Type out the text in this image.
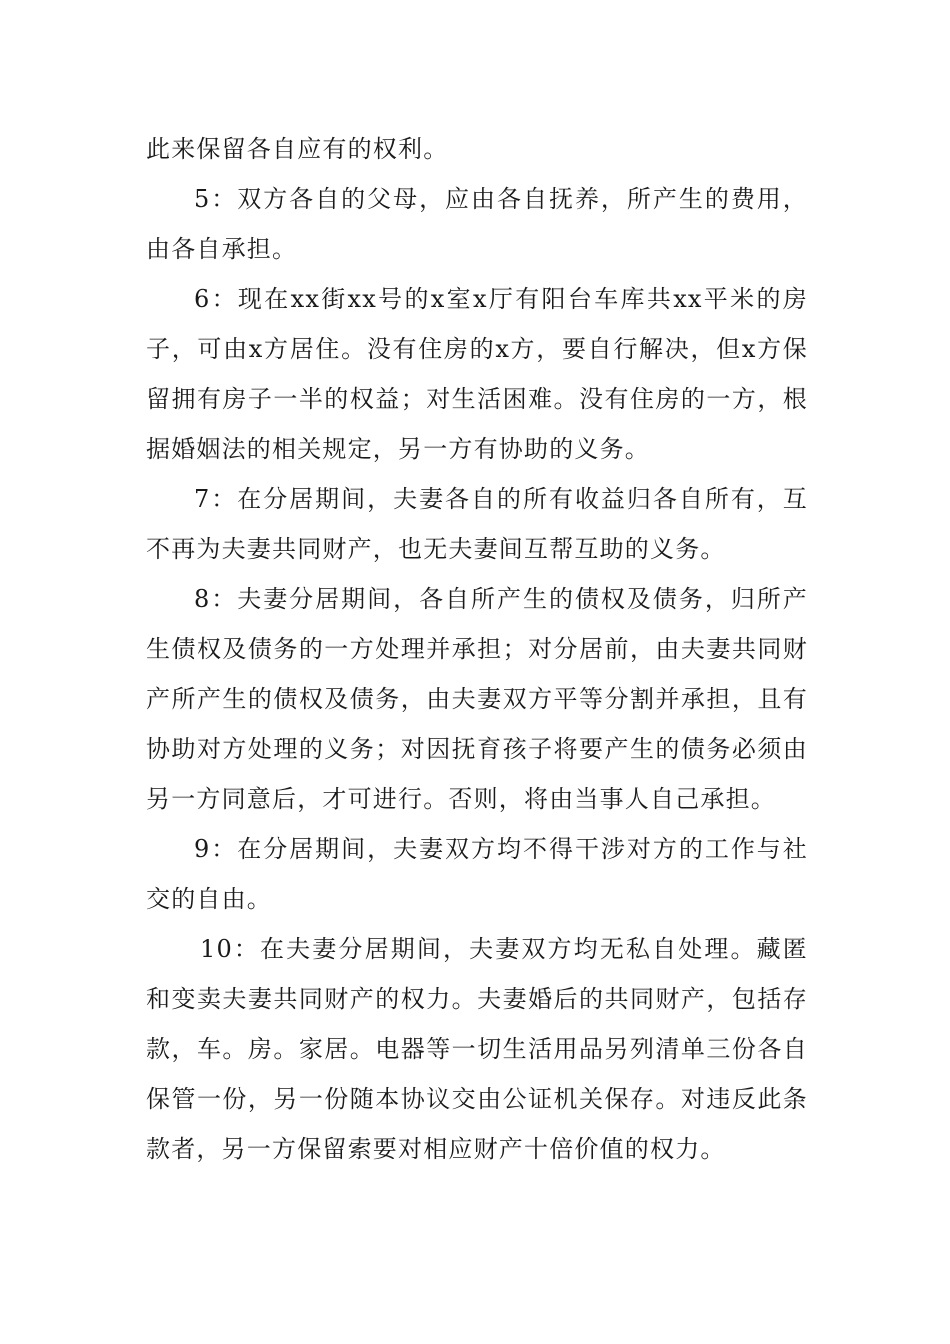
此来保留各自应有的权利。

5：双方各自的父母，应由各自抚养，所产生的费用，由各自承担。

6：现在xx街xx号的x室x厅有阳台车库共xx平米的房子，可由x方居住。没有住房的x方，要自行解决，但x方保留拥有房子一半的权益；对生活困难。没有住房的一方，根据婚姻法的相关规定，另一方有协助的义务。

7：在分居期间，夫妻各自的所有收益归各自所有，互不再为夫妻共同财产，也无夫妻间互帮互助的义务。

8：夫妻分居期间，各自所产生的债权及债务，归所产生债权及债务的一方处理并承担；对分居前，由夫妻共同财产所产生的债权及债务，由夫妻双方平等分割并承担，且有协助对方处理的义务；对因抚育孩子将要产生的债务必须由另一方同意后，才可进行。否则，将由当事人自己承担。

9：在分居期间，夫妻双方均不得干涉对方的工作与社交的自由。

10：在夫妻分居期间，夫妻双方均无私自处理。藏匿和变卖夫妻共同财产的权力。夫妻婚后的共同财产，包括存款，车。房。家居。电器等一切生活用品另列清单三份各自保管一份，另一份随本协议交由公证机关保存。对违反此条款者，另一方保留索要对相应财产十倍价值的权力。
